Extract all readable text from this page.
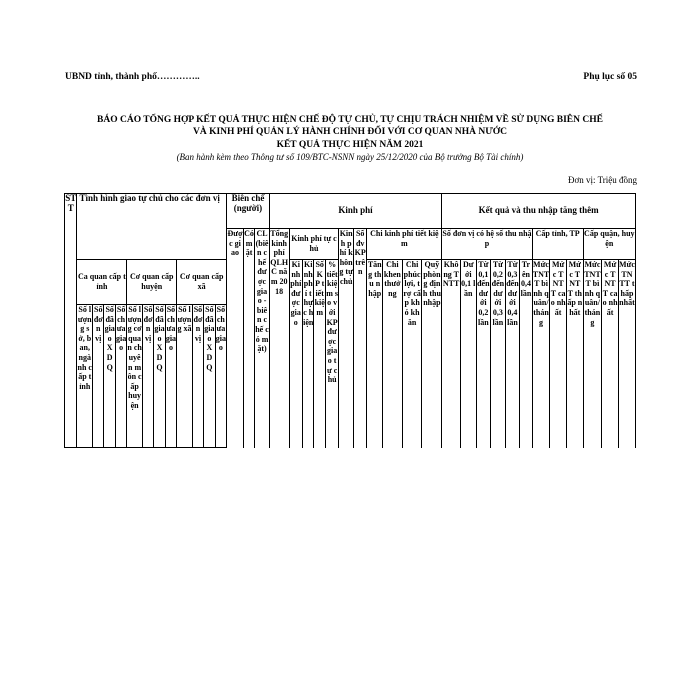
UBND tỉnh, thành phố…………..	Phụ lục số 05
BÁO CÁO TỔNG HỢP KẾT QUẢ THỰC HIỆN CHẾ ĐỘ TỰ CHỦ, TỰ CHỊU TRÁCH NHIỆM VỀ SỬ DỤNG BIÊN CHẾ
VÀ KINH PHÍ QUẢN LÝ HÀNH CHÍNH ĐỐI VỚI CƠ QUAN NHÀ NƯỚC
KẾT QUẢ THỰC HIỆN NĂM 2021
(Ban hành kèm theo Thông tư số 109/BTC-NSNN ngày 25/12/2020 của Bộ trưởng Bộ Tài chính)
Đơn vị: Triệu đồng
STT	Tình hình giao tự chủ cho các đơn vị												Biên chế (người)			Kinh phí											Kết quả và thu nhập tăng thêm											
													Được giao	Có mặt	CL (biên chế được giao - biên chế có mặt)	Tổng kinh phí QLHC năm 2018	Kinh phí tự chủ				Kinh phí không tự chủ	Số đv KP trên	Chi kinh phí tiết kiệm				Số đơn vị có hệ số thu nhập						Cấp tỉnh, TP			Cấp quận, huyện		
	Ca quan cấp tỉnh				Cơ quan cấp huyện				Cơ quan cấp xã								Kinh phí được giao	Kinh phí thực hiện	Số KP tiết kiệm	% tiết kiệm so với KP được giao tự chủ			Tăng thu nhập	Chi khen thưởng	Chi phúc lợi, trợ cấp khó khăn	Quỹ phòng định thu nhập	Không TNTT	Dưới 0,1 lần	Từ 0,1 đến dưới 0,2 lần	Từ 0,2 đến dưới 0,3 lần	Từ 0,3 đến dưới 0,4 lần	Trên 0,4 lần	Mức TNTT bình quân/tháng	Mức TNTT cao nhất	Mức TNTT thấp nhất	Mức TNTT bình quân/tháng	Mức TNTT cao nhất	Mức TNTT thấp nhất
	Số lượng sở, ban, ngành cấp tỉnh	Số đơn vị	Số đã giao XDQ	Số chưa giao	Số lượng cơ quan chuyên môn cấp huyện	Số đơn vị	Số đã giao XDQ	Số chưa giao	Số lượng xã	Số đơn vị	Số đã giao XDQ	Số chưa giao																										
